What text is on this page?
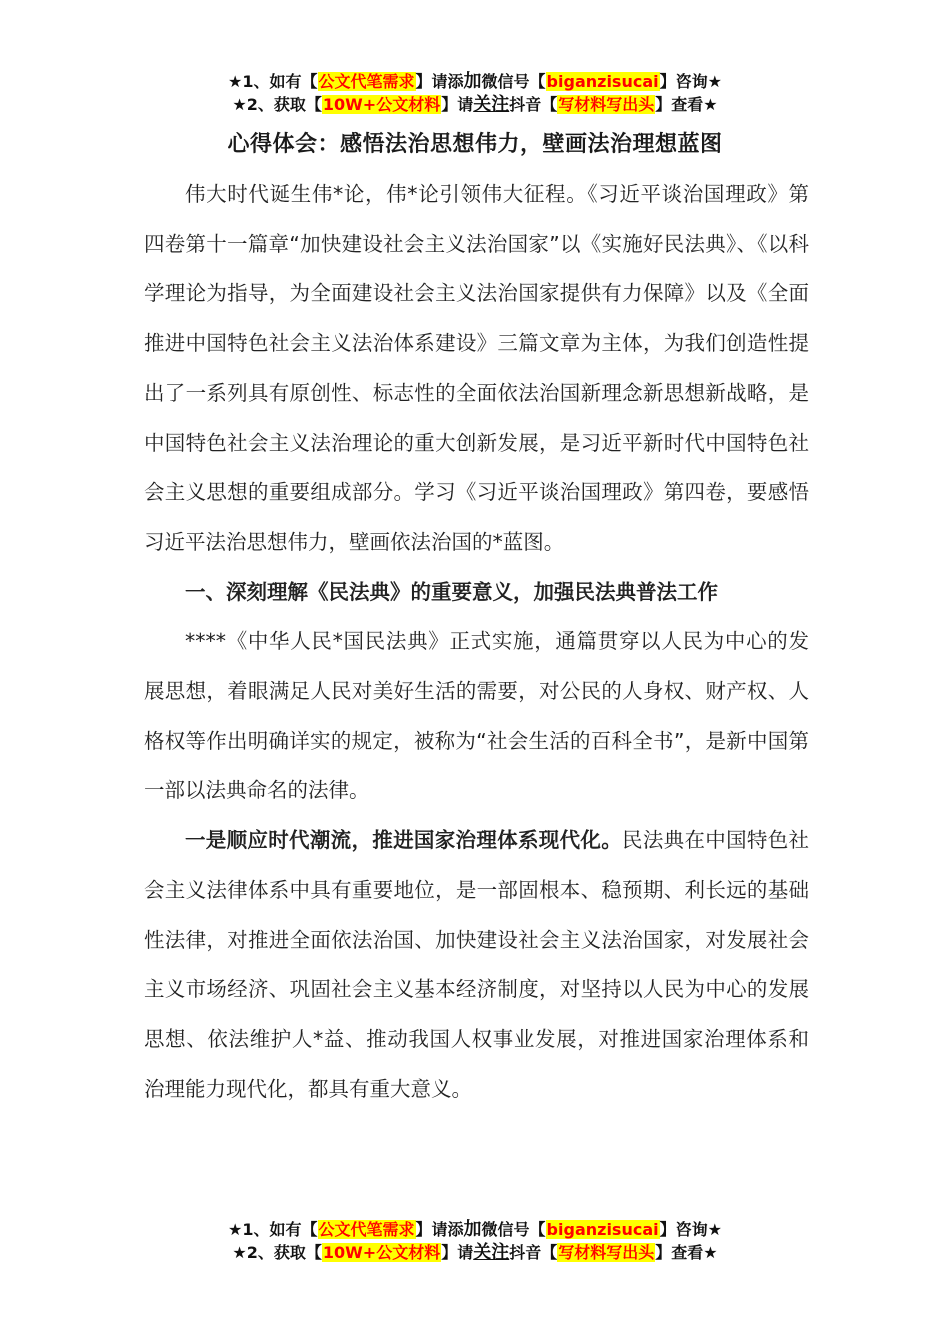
★1、如有【公文代笔需求】请添加微信号【biganzisucai】咨询★
★2、获取【10W+公文材料】请关注抖音【写材料写出头】查看★
心得体会：感悟法治思想伟力，壁画法治理想蓝图

伟大时代诞生伟*论，伟*论引领伟大征程。《习近平谈治国理政》第四卷第十一篇章“加快建设社会主义法治国家”以《实施好民法典》、《以科学理论为指导，为全面建设社会主义法治国家提供有力保障》以及《全面推进中国特色社会主义法治体系建设》三篇文章为主体，为我们创造性提出了一系列具有原创性、标志性的全面依法治国新理念新思想新战略，是中国特色社会主义法治理论的重大创新发展，是习近平新时代中国特色社会主义思想的重要组成部分。学习《习近平谈治国理政》第四卷，要感悟习近平法治思想伟力，壁画依法治国的*蓝图。

一、深刻理解《民法典》的重要意义，加强民法典普法工作

****《中华人民*国民法典》正式实施，通篇贯穿以人民为中心的发展思想，着眼满足人民对美好生活的需要，对公民的人身权、财产权、人格权等作出明确详实的规定，被称为“社会生活的百科全书”，是新中国第一部以法典命名的法律。

一是顺应时代潮流，推进国家治理体系现代化。民法典在中国特色社会主义法律体系中具有重要地位，是一部固根本、稳预期、利长远的基础性法律，对推进全面依法治国、加快建设社会主义法治国家，对发展社会主义市场经济、巩固社会主义基本经济制度，对坚持以人民为中心的发展思想、依法维护人*益、推动我国人权事业发展，对推进国家治理体系和治理能力现代化，都具有重大意义。

★1、如有【公文代笔需求】请添加微信号【biganzisucai】咨询★
★2、获取【10W+公文材料】请关注抖音【写材料写出头】查看★
